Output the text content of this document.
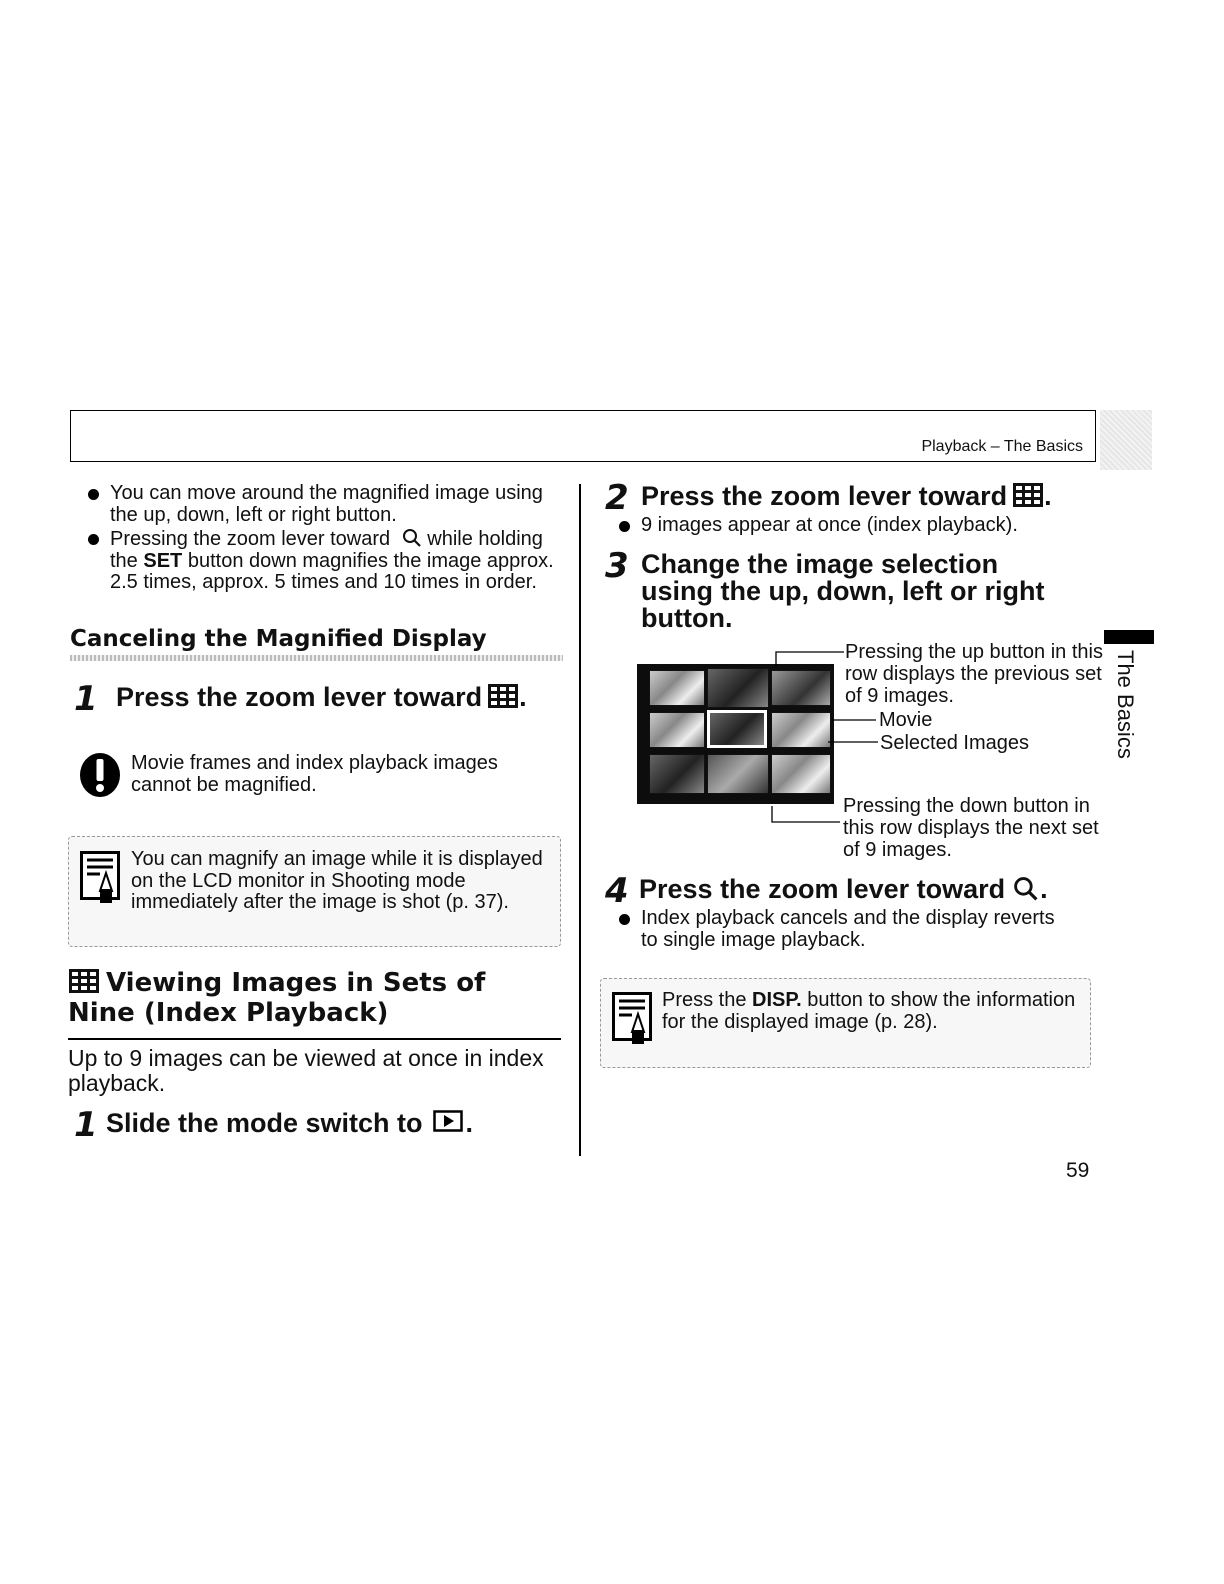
Playback – The Basics
The Basics
You can move around the magnified image using the up, down, left or right button.
Pressing the zoom lever toward while holding the SET button down magnifies the image approx. 2.5 times, approx. 5 times and 10 times in order.
Canceling the Magnified Display
1 Press the zoom lever toward .
Movie frames and index playback images cannot be magnified.
You can magnify an image while it is displayed on the LCD monitor in Shooting mode immediately after the image is shot (p. 37).
Viewing Images in Sets of
Nine (Index Playback)
Up to 9 images can be viewed at once in index playback.
1 Slide the mode switch to .
2 Press the zoom lever toward .
9 images appear at once (index playback).
3 Change the image selection
using the up, down, left or right
button.
Pressing the up button in this row displays the previous set of 9 images.
Movie
Selected Images
Pressing the down button in this row displays the next set of 9 images.
4 Press the zoom lever toward .
Index playback cancels and the display reverts to single image playback.
Press the DISP. button to show the information for the displayed image (p. 28).
59
